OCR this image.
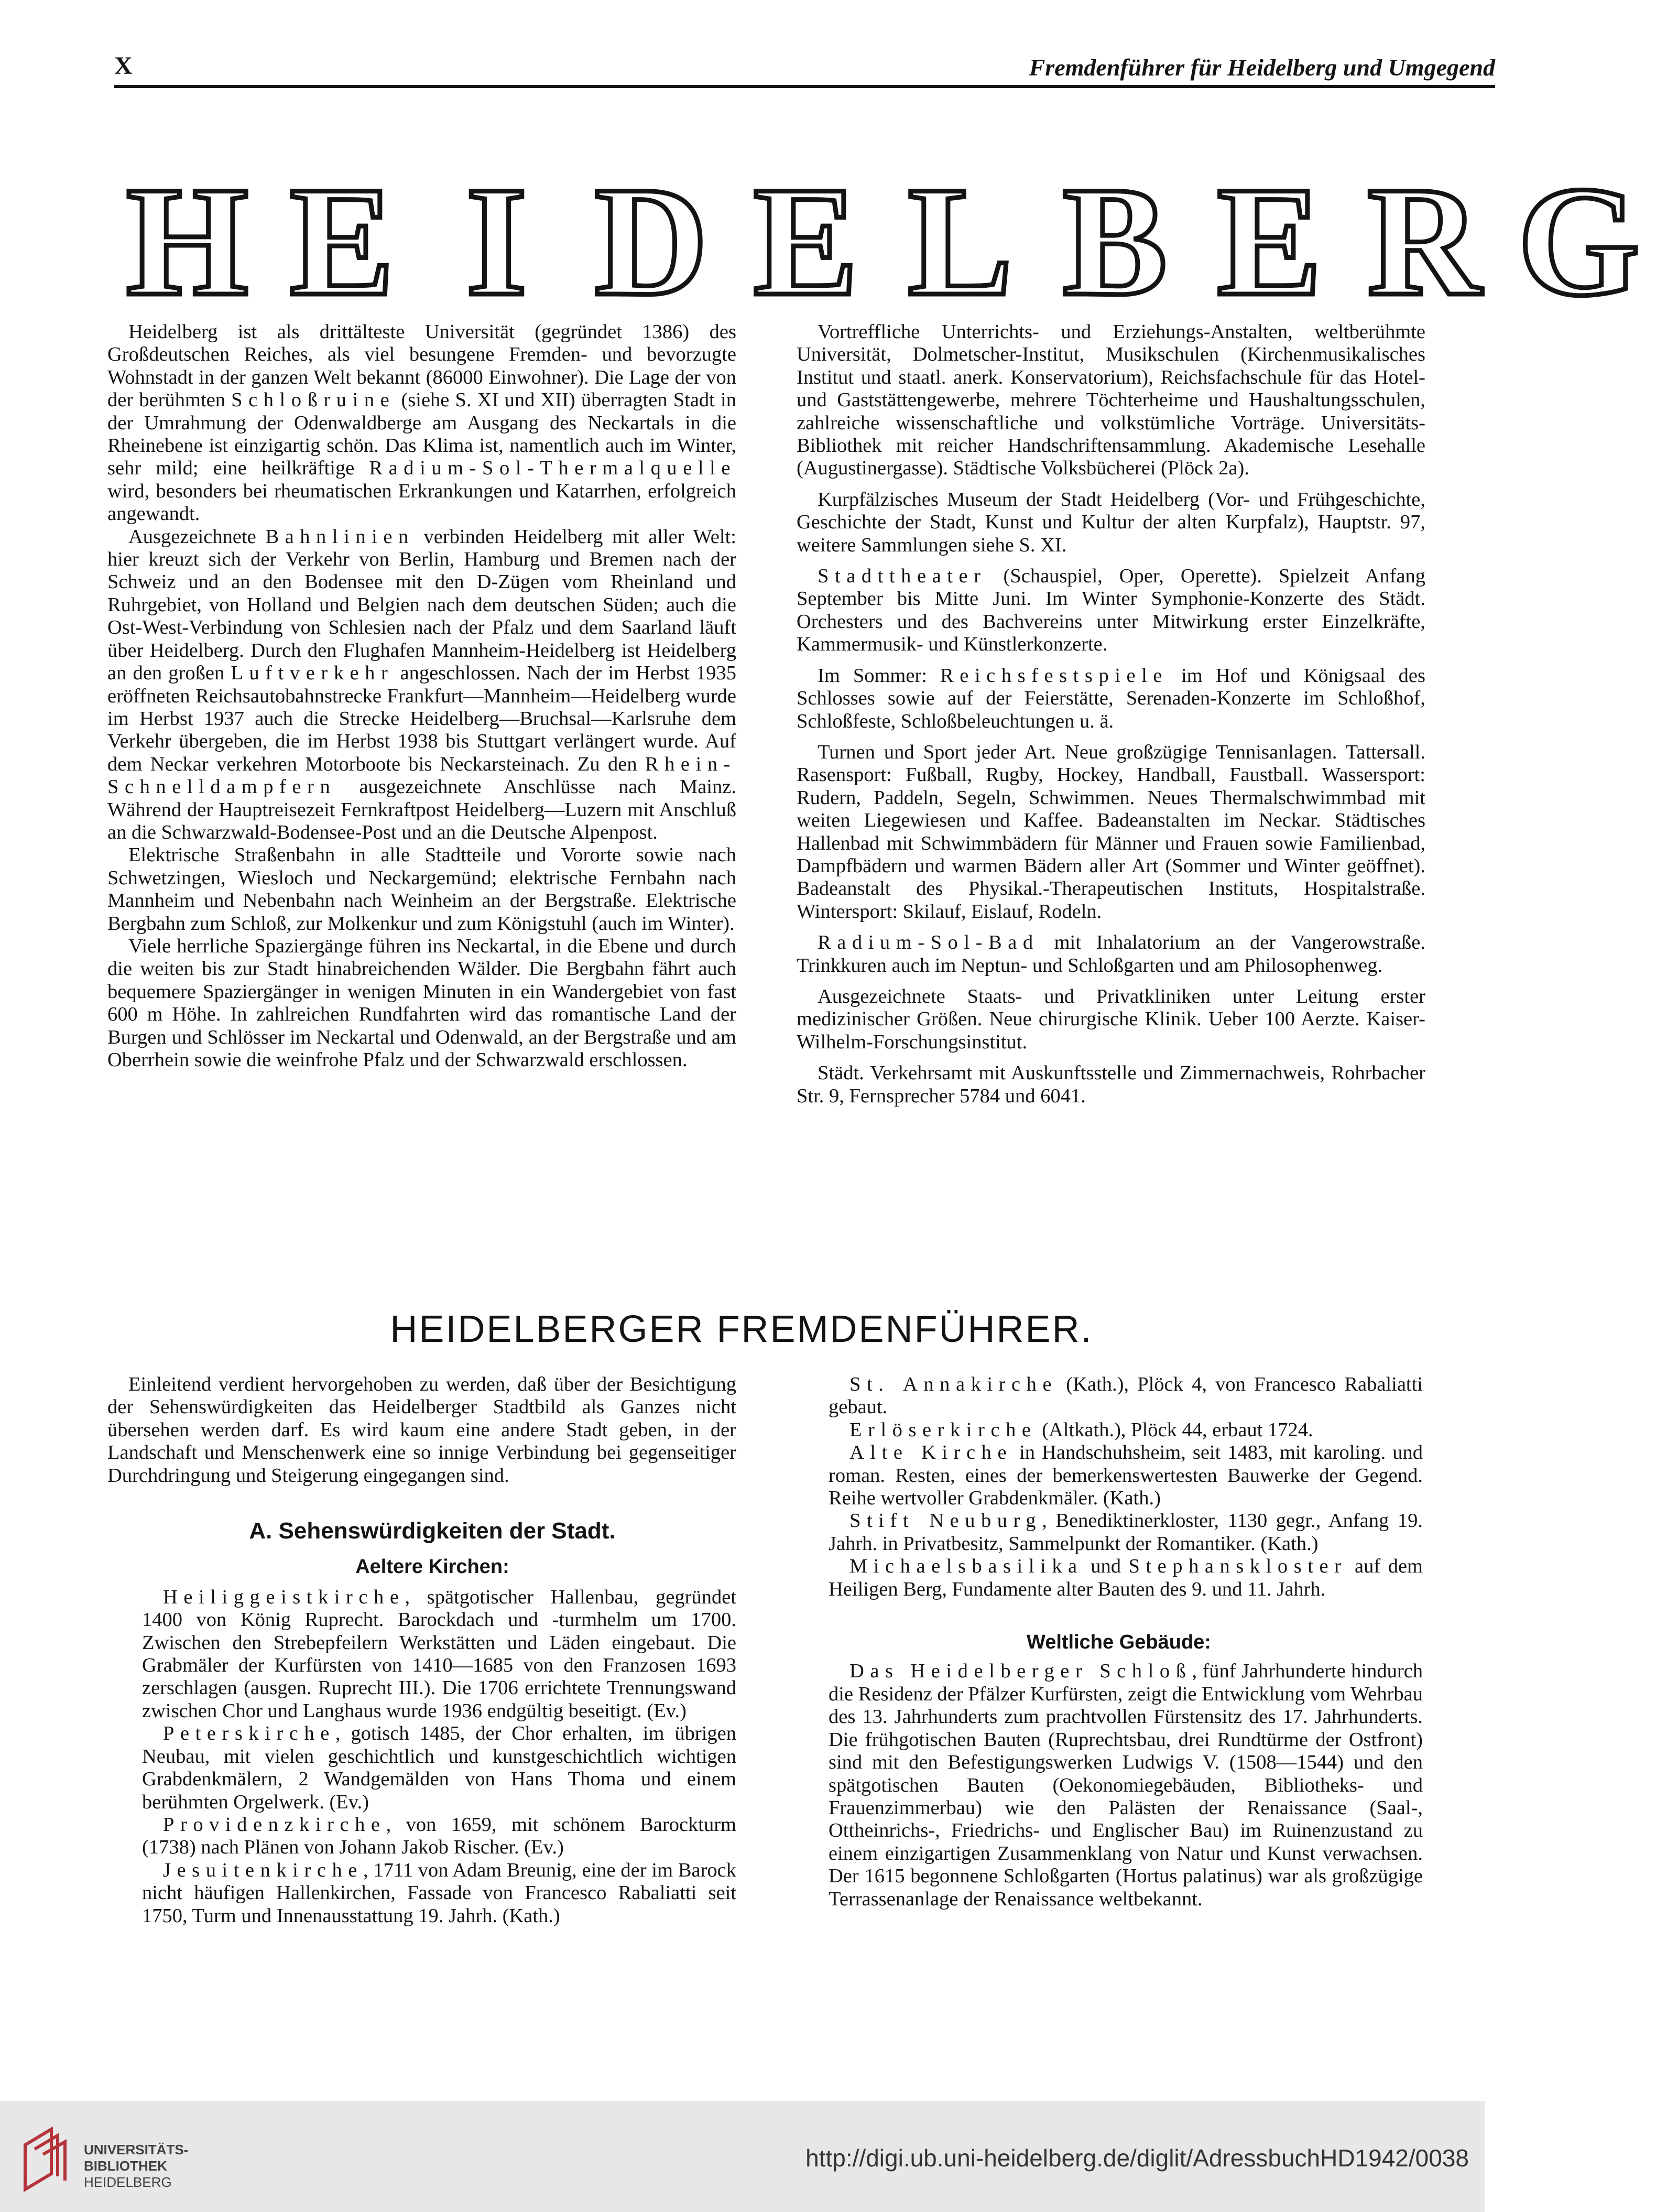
X	Fremdenführer für Heidelberg und Umgegend
H E I D E L B E R G

Heidelberg ist als drittälteste Universität (gegründet 1386) des Großdeutschen Reiches, als viel besungene Fremden- und bevorzugte Wohnstadt in der ganzen Welt bekannt (86000 Einwohner). Die Lage der von der berühmten Schloßruine (siehe S. XI und XII) überragten Stadt in der Umrahmung der Odenwaldberge am Ausgang des Neckartals in die Rheinebene ist einzigartig schön. Das Klima ist, namentlich auch im Winter, sehr mild; eine heilkräftige Radium-Sol-Thermalquelle wird, besonders bei rheumatischen Erkrankungen und Katarrhen, erfolgreich angewandt.

Ausgezeichnete Bahnlinien verbinden Heidelberg mit aller Welt: hier kreuzt sich der Verkehr von Berlin, Hamburg und Bremen nach der Schweiz und an den Bodensee mit den D-Zügen vom Rheinland und Ruhrgebiet, von Holland und Belgien nach dem deutschen Süden; auch die Ost-West-Verbindung von Schlesien nach der Pfalz und dem Saarland läuft über Heidelberg. Durch den Flughafen Mannheim-Heidelberg ist Heidelberg an den großen Luftverkehr angeschlossen. Nach der im Herbst 1935 eröffneten Reichsautobahnstrecke Frankfurt—Mannheim—Heidelberg wurde im Herbst 1937 auch die Strecke Heidelberg—Bruchsal—Karlsruhe dem Verkehr übergeben, die im Herbst 1938 bis Stuttgart verlängert wurde. Auf dem Neckar verkehren Motorboote bis Neckarsteinach. Zu den Rhein-Schnelldampfern ausgezeichnete Anschlüsse nach Mainz. Während der Hauptreisezeit Fernkraftpost Heidelberg—Luzern mit Anschluß an die Schwarzwald-Bodensee-Post und an die Deutsche Alpenpost.

Elektrische Straßenbahn in alle Stadtteile und Vororte sowie nach Schwetzingen, Wiesloch und Neckargemünd; elektrische Fernbahn nach Mannheim und Nebenbahn nach Weinheim an der Bergstraße. Elektrische Bergbahn zum Schloß, zur Molkenkur und zum Königstuhl (auch im Winter).

Viele herrliche Spaziergänge führen ins Neckartal, in die Ebene und durch die weiten bis zur Stadt hinabreichenden Wälder. Die Bergbahn fährt auch bequemere Spaziergänger in wenigen Minuten in ein Wandergebiet von fast 600 m Höhe. In zahlreichen Rundfahrten wird das romantische Land der Burgen und Schlösser im Neckartal und Odenwald, an der Bergstraße und am Oberrhein sowie die weinfrohe Pfalz und der Schwarzwald erschlossen.

Vortreffliche Unterrichts- und Erziehungs-Anstalten, weltberühmte Universität, Dolmetscher-Institut, Musikschulen (Kirchenmusikalisches Institut und staatl. anerk. Konservatorium), Reichsfachschule für das Hotel- und Gaststättengewerbe, mehrere Töchterheime und Haushaltungsschulen, zahlreiche wissenschaftliche und volkstümliche Vorträge. Universitäts-Bibliothek mit reicher Handschriftensammlung. Akademische Lesehalle (Augustinergasse). Städtische Volksbücherei (Plöck 2a).

Kurpfälzisches Museum der Stadt Heidelberg (Vor- und Frühgeschichte, Geschichte der Stadt, Kunst und Kultur der alten Kurpfalz), Hauptstr. 97, weitere Sammlungen siehe S. XI.

Stadttheater (Schauspiel, Oper, Operette). Spielzeit Anfang September bis Mitte Juni. Im Winter Symphonie-Konzerte des Städt. Orchesters und des Bachvereins unter Mitwirkung erster Einzelkräfte, Kammermusik- und Künstlerkonzerte.

Im Sommer: Reichsfestspiele im Hof und Königsaal des Schlosses sowie auf der Feierstätte, Serenaden-Konzerte im Schloßhof, Schloßfeste, Schloßbeleuchtungen u. ä.

Turnen und Sport jeder Art. Neue großzügige Tennisanlagen. Tattersall. Rasensport: Fußball, Rugby, Hockey, Handball, Faustball. Wassersport: Rudern, Paddeln, Segeln, Schwimmen. Neues Thermalschwimmbad mit weiten Liegewiesen und Kaffee. Badeanstalten im Neckar. Städtisches Hallenbad mit Schwimmbädern für Männer und Frauen sowie Familienbad, Dampfbädern und warmen Bädern aller Art (Sommer und Winter geöffnet). Badeanstalt des Physikal.-Therapeutischen Instituts, Hospitalstraße. Wintersport: Skilauf, Eislauf, Rodeln.

Radium-Sol-Bad mit Inhalatorium an der Vangerowstraße. Trinkkuren auch im Neptun- und Schloßgarten und am Philosophenweg.

Ausgezeichnete Staats- und Privatkliniken unter Leitung erster medizinischer Größen. Neue chirurgische Klinik. Ueber 100 Aerzte. Kaiser-Wilhelm-Forschungsinstitut.

Städt. Verkehrsamt mit Auskunftsstelle und Zimmernachweis, Rohrbacher Str. 9, Fernsprecher 5784 und 6041.

HEIDELBERGER FREMDENFÜHRER.

Einleitend verdient hervorgehoben zu werden, daß über der Besichtigung der Sehenswürdigkeiten das Heidelberger Stadtbild als Ganzes nicht übersehen werden darf. Es wird kaum eine andere Stadt geben, in der Landschaft und Menschenwerk eine so innige Verbindung bei gegenseitiger Durchdringung und Steigerung eingegangen sind.

A. Sehenswürdigkeiten der Stadt.

Aeltere Kirchen:

Heiliggeistkirche, spätgotischer Hallenbau, gegründet 1400 von König Ruprecht. Barockdach und -turmhelm um 1700. Zwischen den Strebepfeilern Werkstätten und Läden eingebaut. Die Grabmäler der Kurfürsten von 1410—1685 von den Franzosen 1693 zerschlagen (ausgen. Ruprecht III.). Die 1706 errichtete Trennungswand zwischen Chor und Langhaus wurde 1936 endgültig beseitigt. (Ev.)

Peterskirche, gotisch 1485, der Chor erhalten, im übrigen Neubau, mit vielen geschichtlich und kunstgeschichtlich wichtigen Grabdenkmälern, 2 Wandgemälden von Hans Thoma und einem berühmten Orgelwerk. (Ev.)

Providenzkirche, von 1659, mit schönem Barockturm (1738) nach Plänen von Johann Jakob Rischer. (Ev.)

Jesuitenkirche, 1711 von Adam Breunig, eine der im Barock nicht häufigen Hallenkirchen, Fassade von Francesco Rabaliatti seit 1750, Turm und Innenausstattung 19. Jahrh. (Kath.)

St. Annakirche (Kath.), Plöck 4, von Francesco Rabaliatti gebaut.

Erlöserkirche (Altkath.), Plöck 44, erbaut 1724.

Alte Kirche in Handschuhsheim, seit 1483, mit karoling. und roman. Resten, eines der bemerkenswertesten Bauwerke der Gegend. Reihe wertvoller Grabdenkmäler. (Kath.)

Stift Neuburg, Benediktinerkloster, 1130 gegr., Anfang 19. Jahrh. in Privatbesitz, Sammelpunkt der Romantiker. (Kath.)

Michaelsbasilika und Stephanskloster auf dem Heiligen Berg, Fundamente alter Bauten des 9. und 11. Jahrh.

Weltliche Gebäude:

Das Heidelberger Schloß, fünf Jahrhunderte hindurch die Residenz der Pfälzer Kurfürsten, zeigt die Entwicklung vom Wehrbau des 13. Jahrhunderts zum prachtvollen Fürstensitz des 17. Jahrhunderts. Die frühgotischen Bauten (Ruprechtsbau, drei Rundtürme der Ostfront) sind mit den Befestigungswerken Ludwigs V. (1508—1544) und den spätgotischen Bauten (Oekonomiegebäuden, Bibliotheks- und Frauenzimmerbau) wie den Palästen der Renaissance (Saal-, Ottheinrichs-, Friedrichs- und Englischer Bau) im Ruinenzustand zu einem einzigartigen Zusammenklang von Natur und Kunst verwachsen. Der 1615 begonnene Schloßgarten (Hortus palatinus) war als großzügige Terrassenanlage der Renaissance weltbekannt.

UNIVERSITÄTS-
BIBLIOTHEK
HEIDELBERG
http://digi.ub.uni-heidelberg.de/diglit/AdressbuchHD1942/0038
